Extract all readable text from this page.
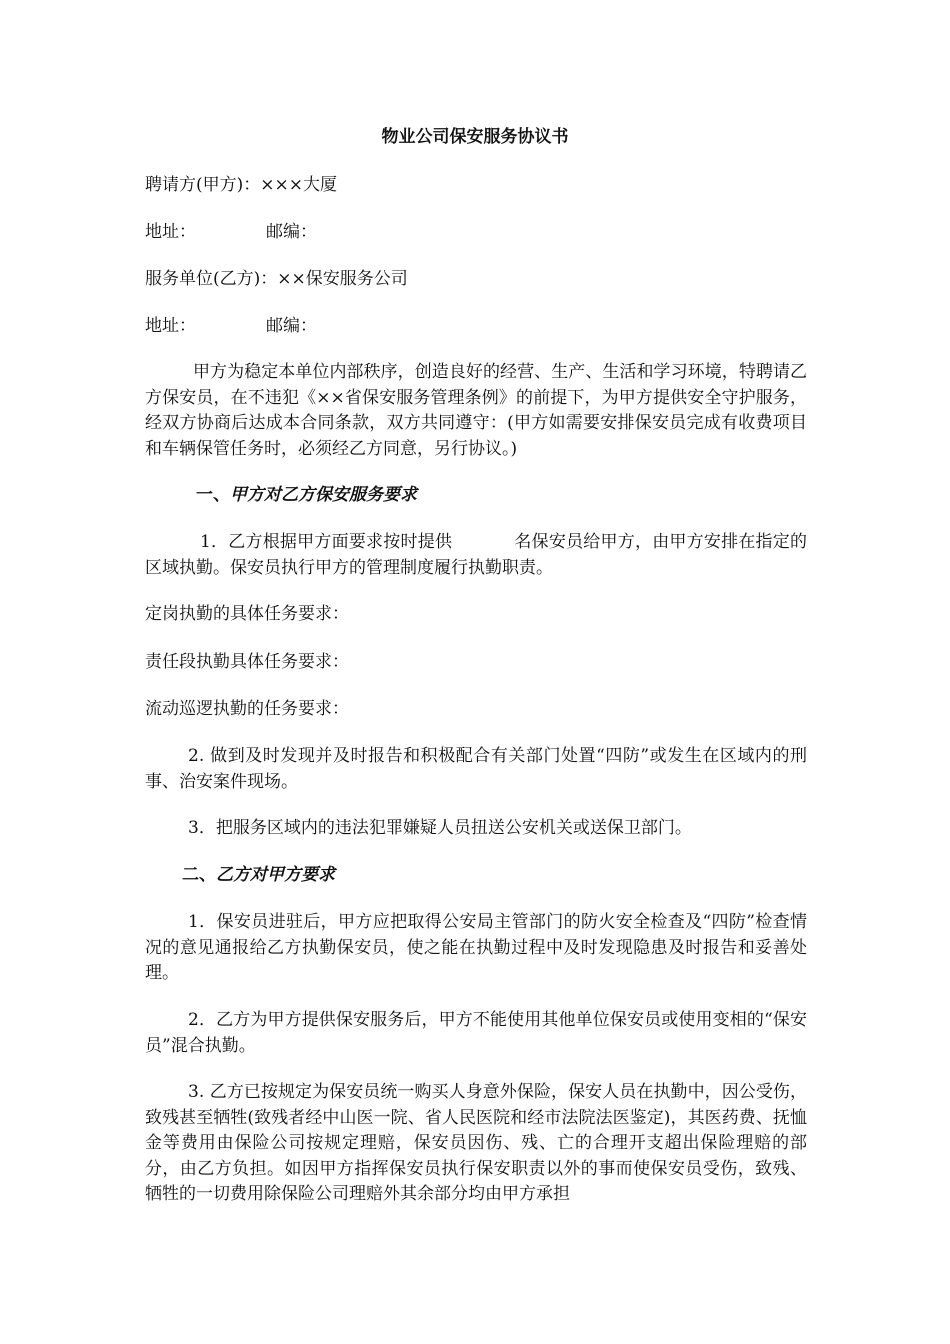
物业公司保安服务协议书
聘请方(甲方)：×××大厦
地址：	邮编：
服务单位(乙方)：××保安服务公司
地址：	邮编：
甲方为稳定本单位内部秩序，创造良好的经营、生产、生活和学习环境，特聘请乙方保安员，在不违犯《××省保安服务管理条例》的前提下，为甲方提供安全守护服务，经双方协商后达成本合同条款，双方共同遵守：(甲方如需要安排保安员完成有收费项目和车辆保管任务时，必须经乙方同意，另行协议。)
一、甲方对乙方保安服务要求
1．乙方根据甲方面要求按时提供	名保安员给甲方，由甲方安排在指定的区域执勤。保安员执行甲方的管理制度履行执勤职责。
定岗执勤的具体任务要求：
责任段执勤具体任务要求：
流动巡逻执勤的任务要求：
2. 做到及时发现并及时报告和积极配合有关部门处置“四防”或发生在区域内的刑事、治安案件现场。
3．把服务区域内的违法犯罪嫌疑人员扭送公安机关或送保卫部门。
二、乙方对甲方要求
1．保安员进驻后，甲方应把取得公安局主管部门的防火安全检查及“四防”检查情况的意见通报给乙方执勤保安员，使之能在执勤过程中及时发现隐患及时报告和妥善处理。
2．乙方为甲方提供保安服务后，甲方不能使用其他单位保安员或使用变相的“保安员”混合执勤。
3. 乙方已按规定为保安员统一购买人身意外保险，保安人员在执勤中，因公受伤，致残甚至牺牲(致残者经中山医一院、省人民医院和经市法院法医鉴定)，其医药费、抚恤金等费用由保险公司按规定理赔，保安员因伤、残、亡的合理开支超出保险理赔的部分，由乙方负担。如因甲方指挥保安员执行保安职责以外的事而使保安员受伤，致残、牺牲的一切费用除保险公司理赔外其余部分均由甲方承担
